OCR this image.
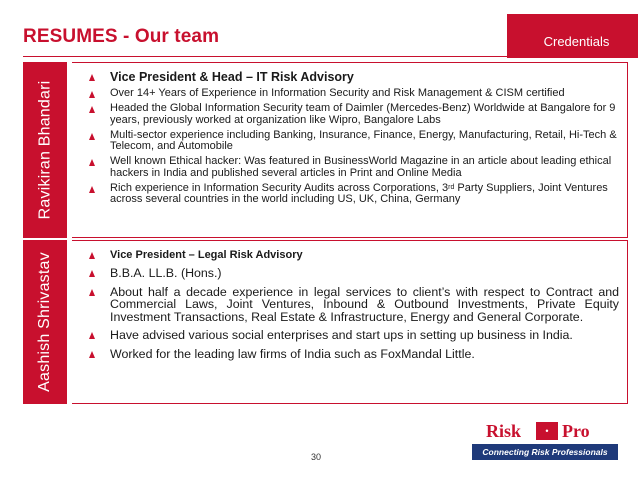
RESUMES - Our team	Credentials
Ravikiran Bhandari
Vice President & Head – IT Risk Advisory
Over 14+ Years of Experience in Information Security and Risk Management & CISM certified
Headed the Global Information Security team of Daimler (Mercedes-Benz) Worldwide at Bangalore for 9 years, previously worked at organization like Wipro, Bangalore Labs
Multi-sector experience including Banking, Insurance, Finance, Energy, Manufacturing, Retail, Hi-Tech & Telecom, and Automobile
Well known Ethical hacker: Was featured in BusinessWorld Magazine in an article about leading ethical hackers in India and published several articles in Print and Online Media
Rich experience in Information Security Audits across Corporations, 3rd Party Suppliers, Joint Ventures across several countries in the world including US, UK, China, Germany
Aashish Shrivastav	Vice President – Legal Risk Advisory
B.B.A. LL.B. (Hons.)
About half a decade experience in legal services to client’s with respect to Contract and Commercial Laws, Joint Ventures, Inbound & Outbound Investments, Private Equity Investment Transactions, Real Estate & Infrastructure, Energy and General Corporate.
Have advised various social enterprises and start ups in setting up business in India.
Worked for the leading law firms of India such as FoxMandal Little.
30
Risk	• Pro
Connecting Risk Professionals
